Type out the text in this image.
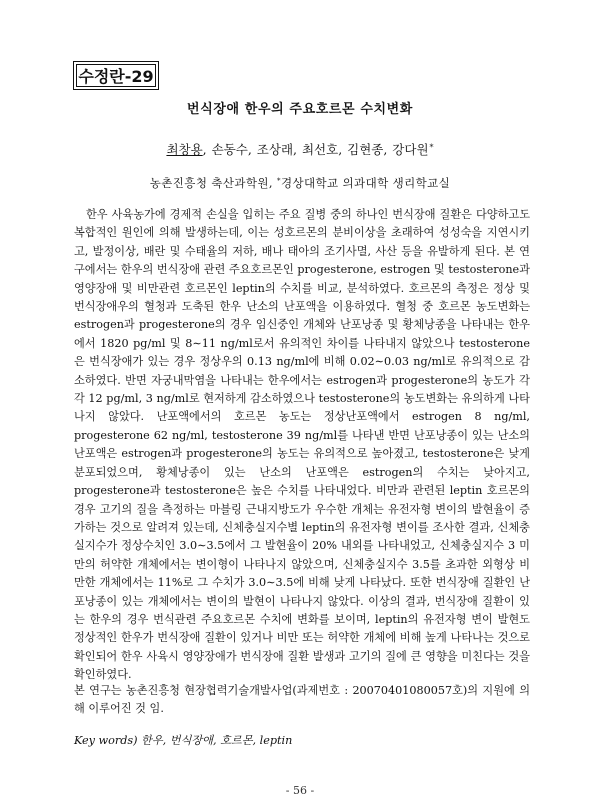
수정란-29
번식장애 한우의 주요호르몬 수치변화
최창용, 손동수, 조상래, 최선호, 김현종, 강다원*
농촌진흥청 축산과학원, *경상대학교 의과대학 생리학교실

한우 사육농가에 경제적 손실을 입히는 주요 질병 중의 하나인 번식장애 질환은 다양하고도 복합적인 원인에 의해 발생하는데, 이는 성호르몬의 분비이상을 초래하여 성성숙을 지연시키고, 발정이상, 배란 및 수태율의 저하, 배나 태아의 조기사멸, 사산 등을 유발하게 된다. 본 연구에서는 한우의 번식장애 관련 주요호르몬인 progesterone, estrogen 및 testosterone과 영양장애 및 비만관련 호르몬인 leptin의 수치를 비교, 분석하였다. 호르몬의 측정은 정상 및 번식장애우의 혈청과 도축된 한우 난소의 난포액을 이용하였다. 혈청 중 호르몬 농도변화는 estrogen과 progesterone의 경우 임신중인 개체와 난포낭종 및 황체낭종을 나타내는 한우에서 1820 pg/ml 및 8∼11 ng/ml로서 유의적인 차이를 나타내지 않았으나 testosterone은 번식장애가 있는 경우 정상우의 0.13 ng/ml에 비해 0.02∼0.03 ng/ml로 유의적으로 감소하였다. 반면 자궁내막염을 나타내는 한우에서는 estrogen과 progesterone의 농도가 각각 12 pg/ml, 3 ng/ml로 현저하게 감소하였으나 testosterone의 농도변화는 유의하게 나타나지 않았다. 난포액에서의 호르몬 농도는 정상난포액에서 estrogen 8 ng/ml, progesterone 62 ng/ml, testosterone 39 ng/ml를 나타낸 반면 난포낭종이 있는 난소의 난포액은 estrogen과 progesterone의 농도는 유의적으로 높아졌고, testosterone은 낮게 분포되었으며, 황체낭종이 있는 난소의 난포액은 estrogen의 수치는 낮아지고, progesterone과 testosterone은 높은 수치를 나타내었다. 비만과 관련된 leptin 호르몬의 경우 고기의 질을 측정하는 마블링 근내지방도가 우수한 개체는 유전자형 변이의 발현율이 증가하는 것으로 알려져 있는데, 신체충실지수별 leptin의 유전자형 변이를 조사한 결과, 신체충실지수가 정상수치인 3.0∼3.5에서 그 발현율이 20% 내외를 나타내었고, 신체충실지수 3 미만의 허약한 개체에서는 변이형이 나타나지 않았으며, 신체충실지수 3.5를 초과한 외형상 비만한 개체에서는 11%로 그 수치가 3.0∼3.5에 비해 낮게 나타났다. 또한 번식장애 질환인 난포낭종이 있는 개체에서는 변이의 발현이 나타나지 않았다. 이상의 결과, 번식장애 질환이 있는 한우의 경우 번식관련 주요호르몬 수치에 변화를 보이며, leptin의 유전자형 변이 발현도 정상적인 한우가 번식장애 질환이 있거나 비만 또는 허약한 개체에 비해 높게 나타나는 것으로 확인되어 한우 사육시 영양장애가 번식장애 질환 발생과 고기의 질에 큰 영향을 미친다는 것을 확인하였다.

본 연구는 농촌진흥청 현장협력기술개발사업(과제번호 : 20070401080057호)의 지원에 의해 이루어진 것 임.

Key words) 한우, 번식장애, 호르몬, leptin
- 56 -
